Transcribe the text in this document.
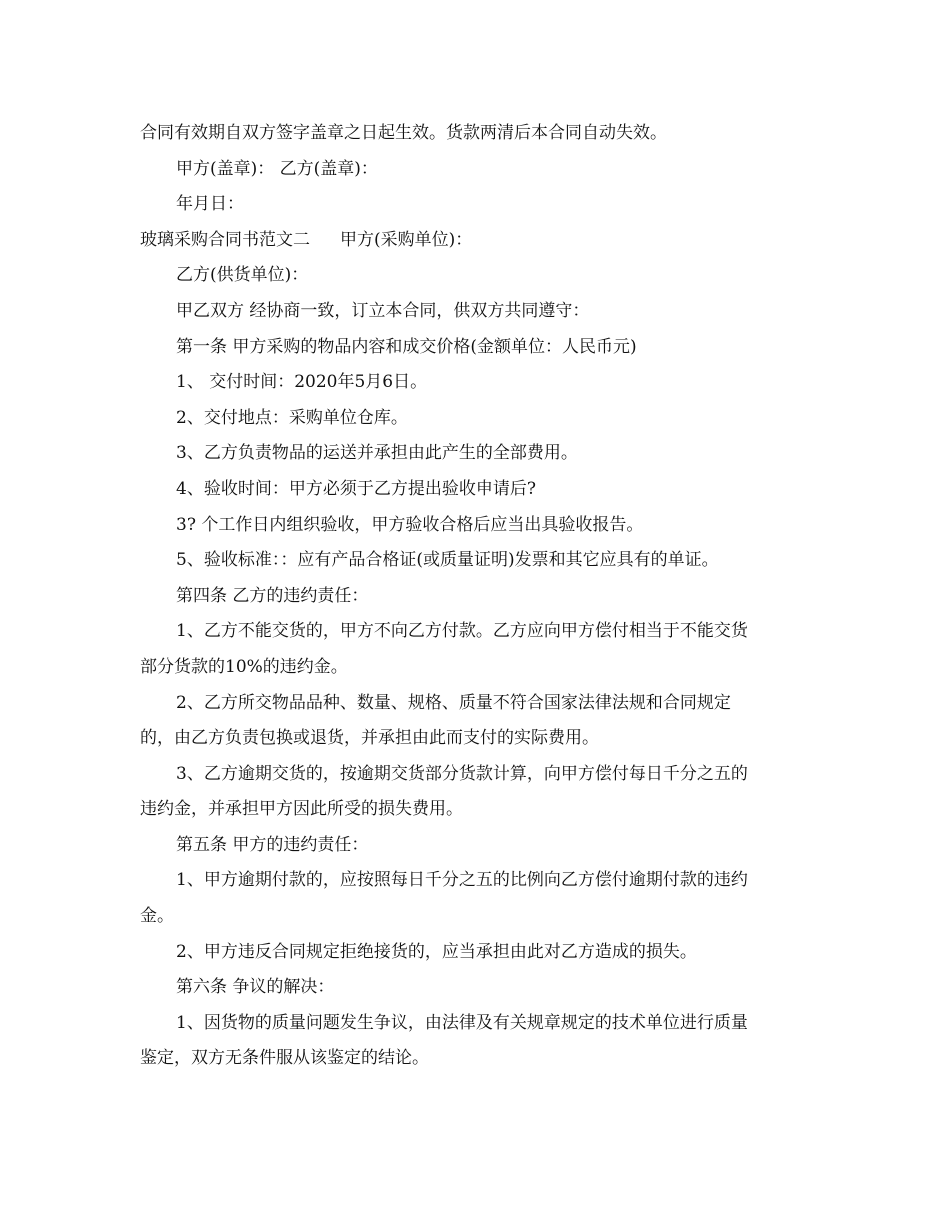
合同有效期自双方签字盖章之日起生效。货款两清后本合同自动失效。

甲方(盖章)： 乙方(盖章)：

年月日：

玻璃采购合同书范文二 甲方(采购单位)：

乙方(供货单位)：

甲乙双方 经协商一致，订立本合同，供双方共同遵守：

第一条 甲方采购的物品内容和成交价格(金额单位：人民币元)

1、 交付时间：2020年5月6日。

2、交付地点：采购单位仓库。

3、乙方负责物品的运送并承担由此产生的全部费用。

4、验收时间：甲方必须于乙方提出验收申请后?

3? 个工作日内组织验收，甲方验收合格后应当出具验收报告。

5、验收标准：：应有产品合格证(或质量证明)发票和其它应具有的单证。

第四条 乙方的违约责任：

1、乙方不能交货的，甲方不向乙方付款。乙方应向甲方偿付相当于不能交货

部分货款的10%的违约金。

2、乙方所交物品品种、数量、规格、质量不符合国家法律法规和合同规定

的，由乙方负责包换或退货，并承担由此而支付的实际费用。

3、乙方逾期交货的，按逾期交货部分货款计算，向甲方偿付每日千分之五的

违约金，并承担甲方因此所受的损失费用。

第五条 甲方的违约责任：

1、甲方逾期付款的，应按照每日千分之五的比例向乙方偿付逾期付款的违约

金。

2、甲方违反合同规定拒绝接货的，应当承担由此对乙方造成的损失。

第六条 争议的解决：

1、因货物的质量问题发生争议，由法律及有关规章规定的技术单位进行质量

鉴定，双方无条件服从该鉴定的结论。
